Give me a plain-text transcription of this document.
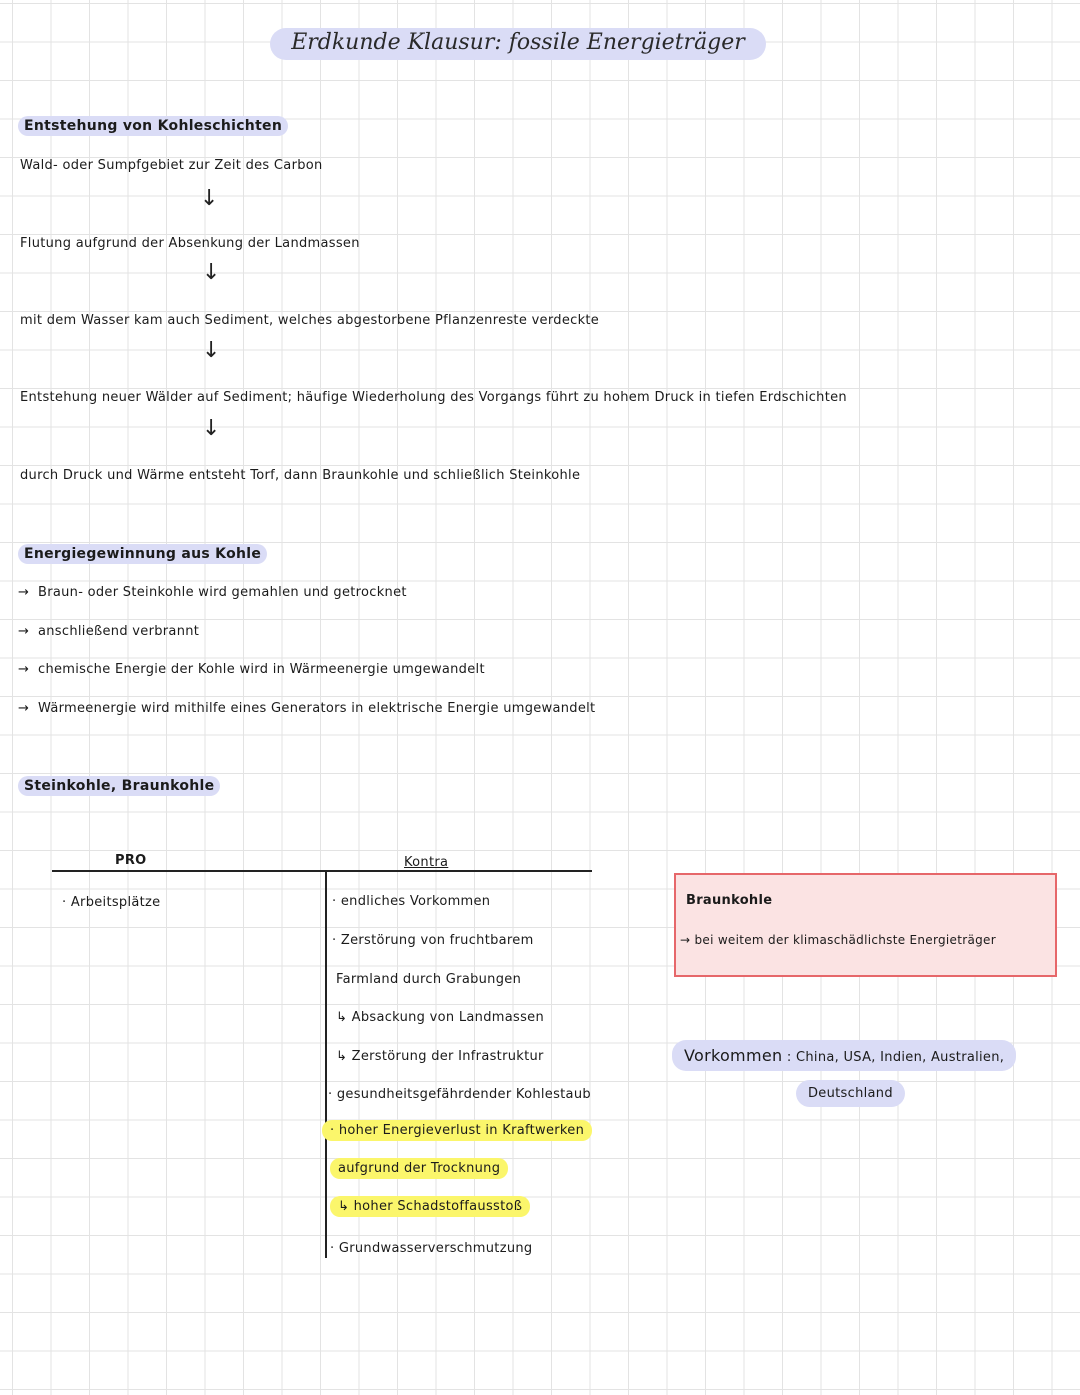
Erdkunde Klausur: fossile Energieträger
Entstehung von Kohleschichten
Wald- oder Sumpfgebiet zur Zeit des Carbon
↓
Flutung aufgrund der Absenkung der Landmassen
↓
mit dem Wasser kam auch Sediment, welches abgestorbene Pflanzenreste verdeckte
↓
Entstehung neuer Wälder auf Sediment; häufige Wiederholung des Vorgangs führt zu hohem Druck in tiefen Erdschichten
↓
durch Druck und Wärme entsteht Torf, dann Braunkohle und schließlich Steinkohle
Energiegewinnung aus Kohle
→ Braun- oder Steinkohle wird gemahlen und getrocknet
→ anschließend verbrannt
→ chemische Energie der Kohle wird in Wärmeenergie umgewandelt
→ Wärmeenergie wird mithilfe eines Generators in elektrische Energie umgewandelt
Steinkohle, Braunkohle
PRO	Kontra
· Arbeitsplätze	· endliches Vorkommen
· Zerstörung von fruchtbarem
Farmland durch Grabungen
↳ Absackung von Landmassen
↳ Zerstörung der Infrastruktur
· gesundheitsgefährdender Kohlestaub
· hoher Energieverlust in Kraftwerken
aufgrund der Trocknung
↳ hoher Schadstoffausstoß
· Grundwasserverschmutzung
Braunkohle
→ bei weitem der klimaschädlichste Energieträger
Vorkommen : China, USA, Indien, Australien,
Deutschland
